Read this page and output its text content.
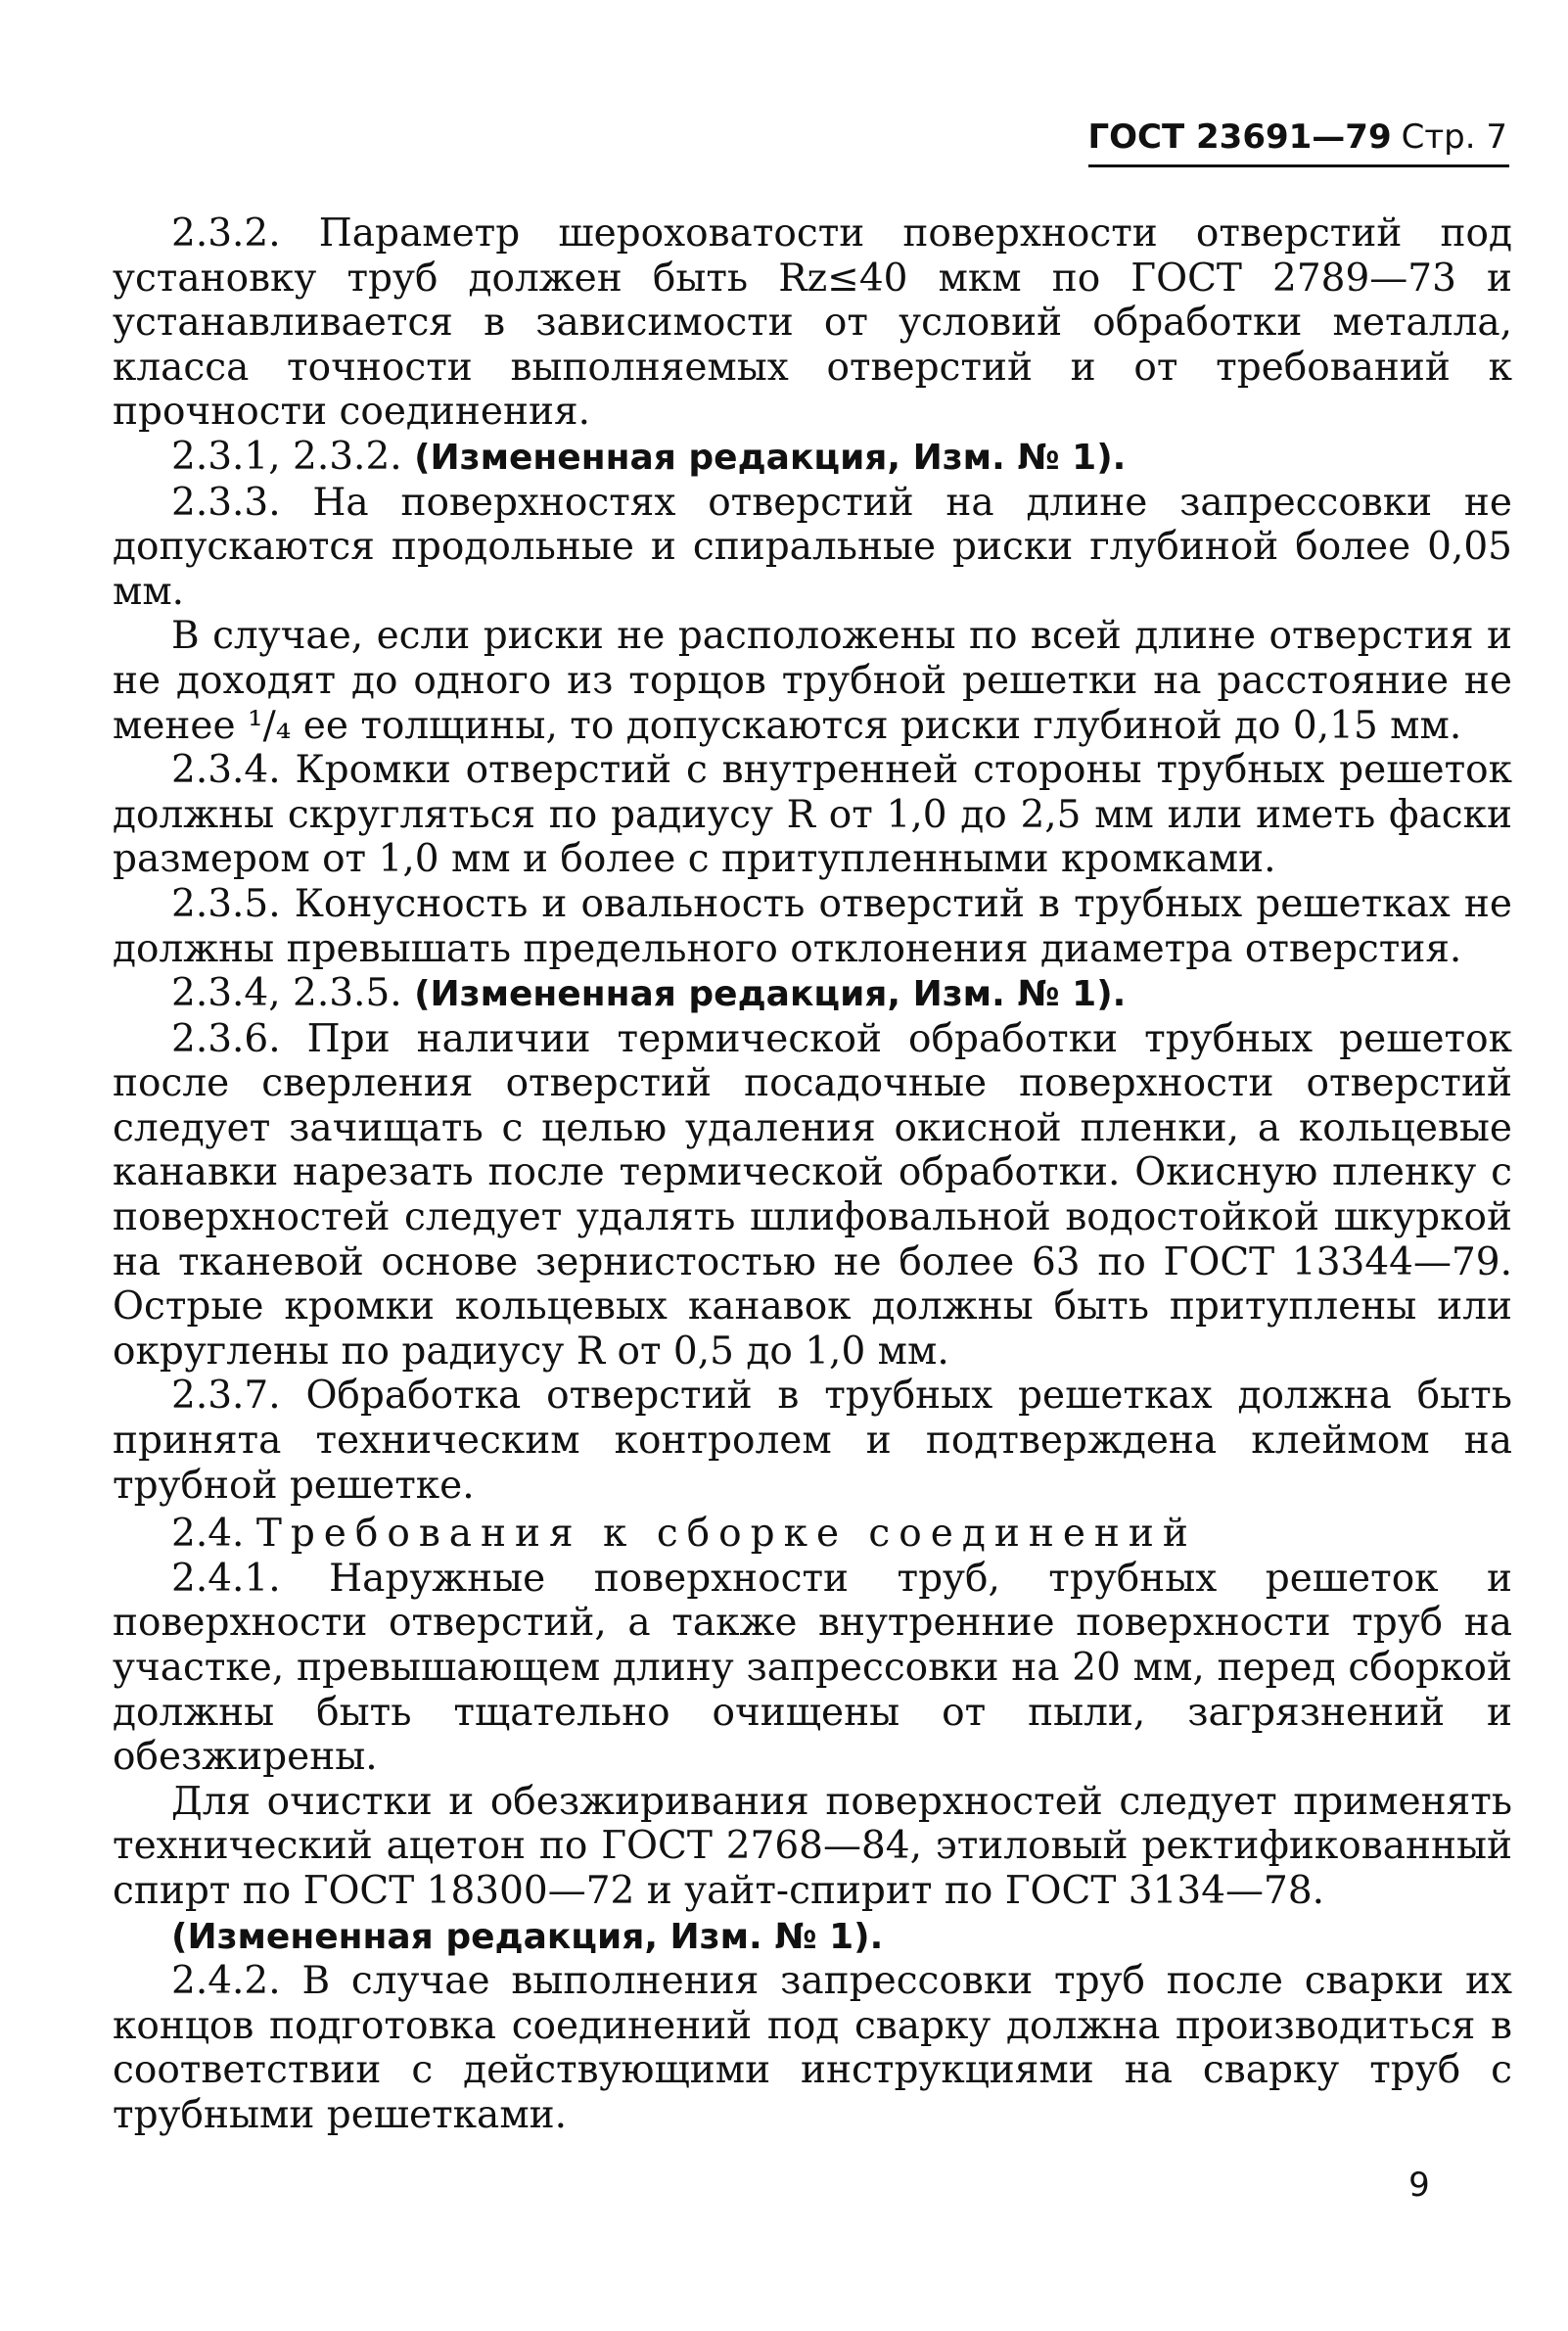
ГОСТ 23691—79 Стр. 7

2.3.2. Параметр шероховатости поверхности отверстий под установку труб должен быть Rz≤40 мкм по ГОСТ 2789—73 и устанавливается в зависимости от условий обработки металла, класса точности выполняемых отверстий и от требований к прочности соединения.

2.3.1, 2.3.2. (Измененная редакция, Изм. № 1).

2.3.3. На поверхностях отверстий на длине запрессовки не допускаются продольные и спиральные риски глубиной более 0,05 мм.

В случае, если риски не расположены по всей длине отверстия и не доходят до одного из торцов трубной решетки на расстояние не менее ¹/₄ ее толщины, то допускаются риски глубиной до 0,15 мм.

2.3.4. Кромки отверстий с внутренней стороны трубных решеток должны скругляться по радиусу R от 1,0 до 2,5 мм или иметь фаски размером от 1,0 мм и более с притупленными кромками.

2.3.5. Конусность и овальность отверстий в трубных решетках не должны превышать предельного отклонения диаметра отверстия.

2.3.4, 2.3.5. (Измененная редакция, Изм. № 1).

2.3.6. При наличии термической обработки трубных решеток после сверления отверстий посадочные поверхности отверстий следует зачищать с целью удаления окисной пленки, а кольцевые канавки нарезать после термической обработки. Окисную пленку с поверхностей следует удалять шлифовальной водостойкой шкуркой на тканевой основе зернистостью не более 63 по ГОСТ 13344—79. Острые кромки кольцевых канавок должны быть притуплены или округлены по радиусу R от 0,5 до 1,0 мм.

2.3.7. Обработка отверстий в трубных решетках должна быть принята техническим контролем и подтверждена клеймом на трубной решетке.

2.4. Требования к сборке соединений

2.4.1. Наружные поверхности труб, трубных решеток и поверхности отверстий, а также внутренние поверхности труб на участке, превышающем длину запрессовки на 20 мм, перед сборкой должны быть тщательно очищены от пыли, загрязнений и обезжирены.

Для очистки и обезжиривания поверхностей следует применять технический ацетон по ГОСТ 2768—84, этиловый ректификованный спирт по ГОСТ 18300—72 и уайт-спирит по ГОСТ 3134—78.

(Измененная редакция, Изм. № 1).

2.4.2. В случае выполнения запрессовки труб после сварки их концов подготовка соединений под сварку должна производиться в соответствии с действующими инструкциями на сварку труб с трубными решетками.

9
